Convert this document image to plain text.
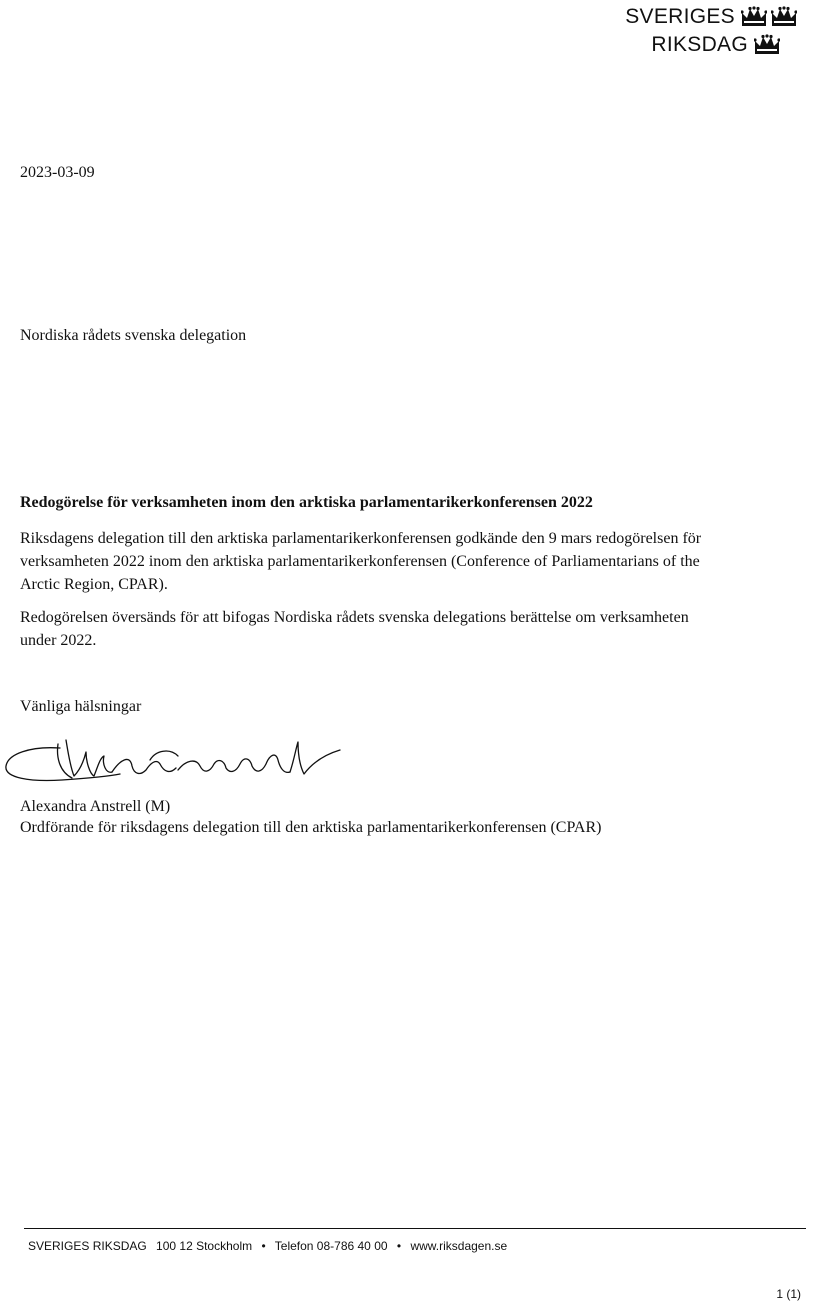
SVERIGES
RIKSDAG
2023-03-09
Nordiska rådets svenska delegation
Redogörelse för verksamheten inom den arktiska parlamentarikerkonferensen 2022

Riksdagens delegation till den arktiska parlamentarikerkonferensen godkände den 9 mars redogörelsen för verksamheten 2022 inom den arktiska parlamentarikerkonferensen (Conference of Parliamentarians of the Arctic Region, CPAR).

Redogörelsen översänds för att bifogas Nordiska rådets svenska delegations berättelse om verksamheten under 2022.

Vänliga hälsningar
Alexandra Anstrell (M)
Ordförande för riksdagens delegation till den arktiska parlamentarikerkonferensen (CPAR)
SVERIGES RIKSDAG 100 12 Stockholm • Telefon 08-786 40 00 • www.riksdagen.se
1 (1)
